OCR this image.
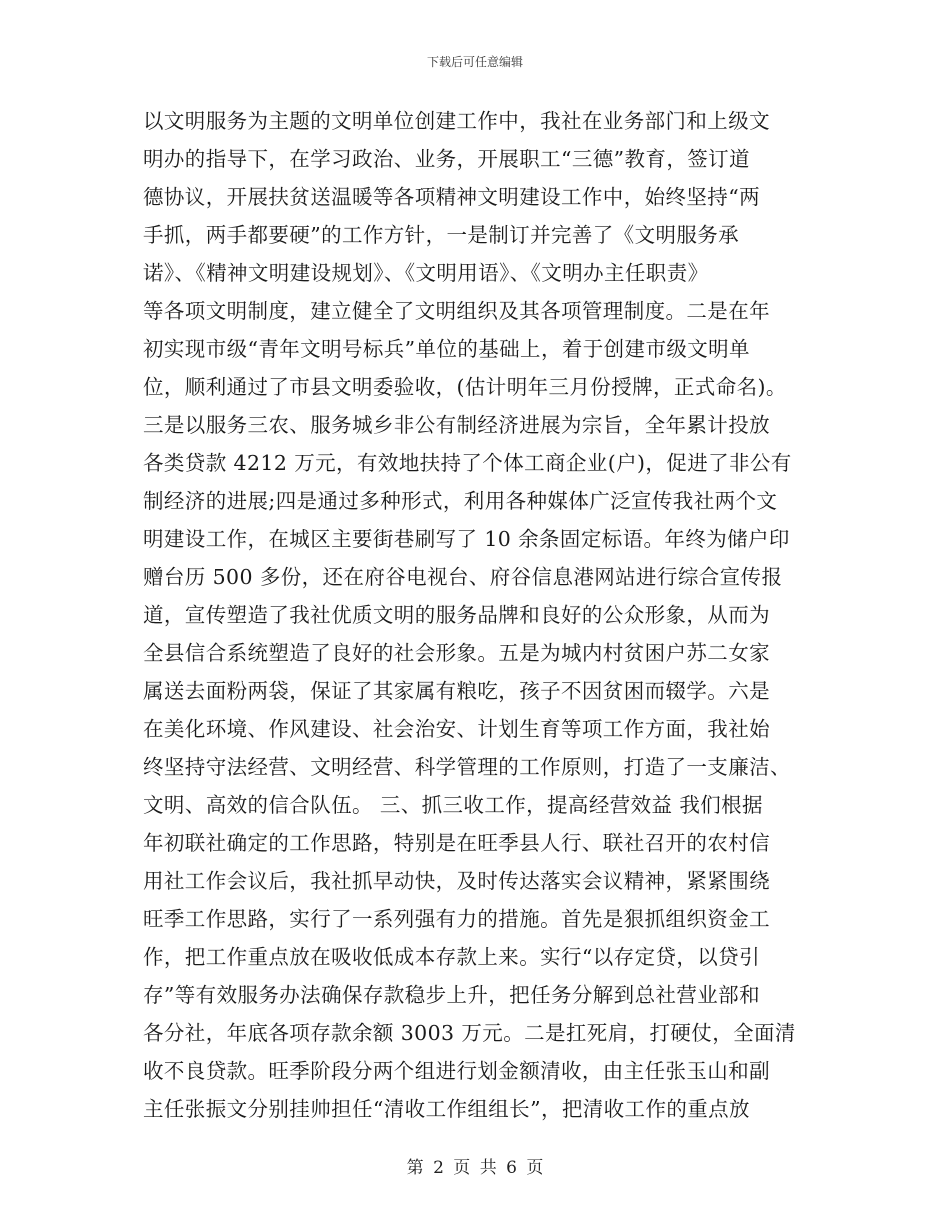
下载后可任意编辑
以文明服务为主题的文明单位创建工作中，我社在业务部门和上级文
明办的指导下，在学习政治、业务，开展职工“三德”教育，签订道
德协议，开展扶贫送温暖等各项精神文明建设工作中，始终坚持“两
手抓，两手都要硬”的工作方针，一是制订并完善了《文明服务承
诺》、《精神文明建设规划》、《文明用语》、《文明办主任职责》
等各项文明制度，建立健全了文明组织及其各项管理制度。二是在年
初实现市级“青年文明号标兵”单位的基础上，着于创建市级文明单
位，顺利通过了市县文明委验收，(估计明年三月份授牌，正式命名)。
三是以服务三农、服务城乡非公有制经济进展为宗旨，全年累计投放
各类贷款 4212 万元，有效地扶持了个体工商企业(户)，促进了非公有
制经济的进展;四是通过多种形式，利用各种媒体广泛宣传我社两个文
明建设工作，在城区主要街巷刷写了 10 余条固定标语。年终为储户印
赠台历 500 多份，还在府谷电视台、府谷信息港网站进行综合宣传报
道，宣传塑造了我社优质文明的服务品牌和良好的公众形象，从而为
全县信合系统塑造了良好的社会形象。五是为城内村贫困户苏二女家
属送去面粉两袋，保证了其家属有粮吃，孩子不因贫困而辍学。六是
在美化环境、作风建设、社会治安、计划生育等项工作方面，我社始
终坚持守法经营、文明经营、科学管理的工作原则，打造了一支廉洁、
文明、高效的信合队伍。 三、抓三收工作，提高经营效益 我们根据
年初联社确定的工作思路，特别是在旺季县人行、联社召开的农村信
用社工作会议后，我社抓早动快，及时传达落实会议精神，紧紧围绕
旺季工作思路，实行了一系列强有力的措施。首先是狠抓组织资金工
作，把工作重点放在吸收低成本存款上来。实行“以存定贷，以贷引
存”等有效服务办法确保存款稳步上升，把任务分解到总社营业部和
各分社，年底各项存款余额 3003 万元。二是扛死肩，打硬仗，全面清
收不良贷款。旺季阶段分两个组进行划金额清收，由主任张玉山和副
主任张振文分别挂帅担任“清收工作组组长”，把清收工作的重点放
第 2 页 共 6 页
